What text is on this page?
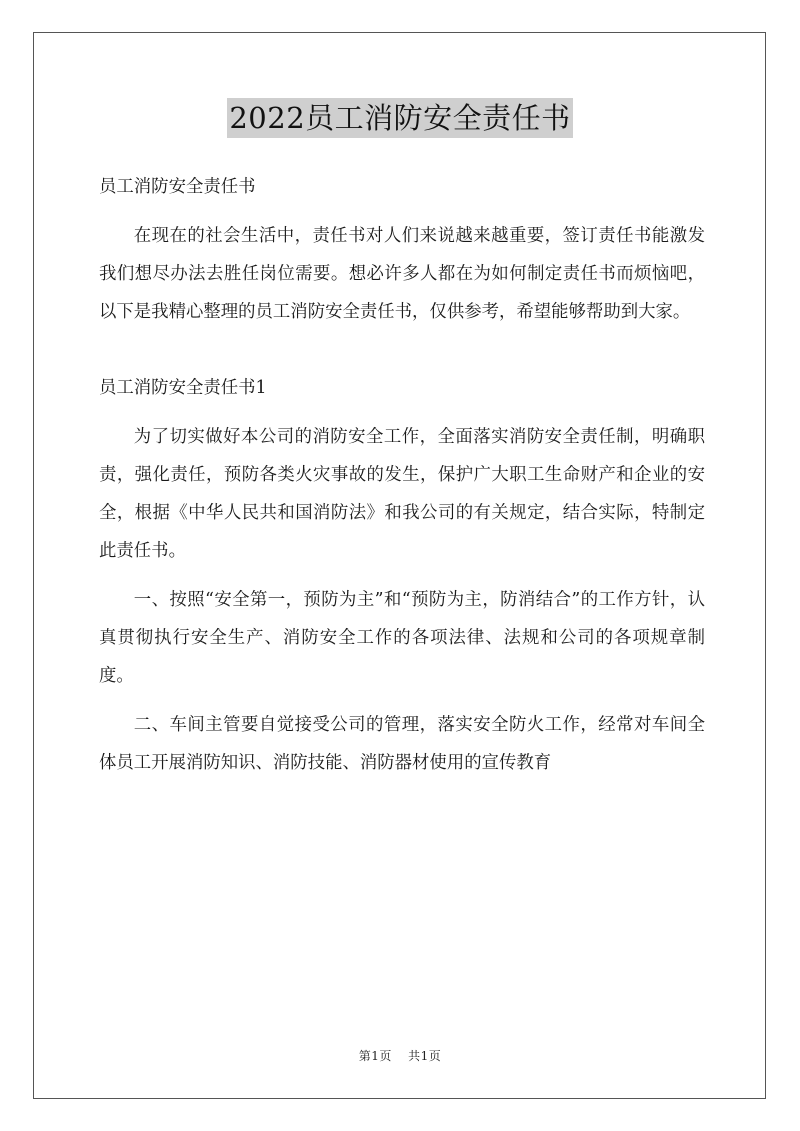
2022员工消防安全责任书

员工消防安全责任书

在现在的社会生活中，责任书对人们来说越来越重要，签订责任书能激发我们想尽办法去胜任岗位需要。想必许多人都在为如何制定责任书而烦恼吧，以下是我精心整理的员工消防安全责任书，仅供参考，希望能够帮助到大家。

员工消防安全责任书1

为了切实做好本公司的消防安全工作，全面落实消防安全责任制，明确职责，强化责任，预防各类火灾事故的发生，保护广大职工生命财产和企业的安全，根据《中华人民共和国消防法》和我公司的有关规定，结合实际，特制定此责任书。

一、按照“安全第一，预防为主”和“预防为主，防消结合”的工作方针，认真贯彻执行安全生产、消防安全工作的各项法律、法规和公司的各项规章制度。

二、车间主管要自觉接受公司的管理，落实安全防火工作，经常对车间全体员工开展消防知识、消防技能、消防器材使用的宣传教育

第1页 共1页
